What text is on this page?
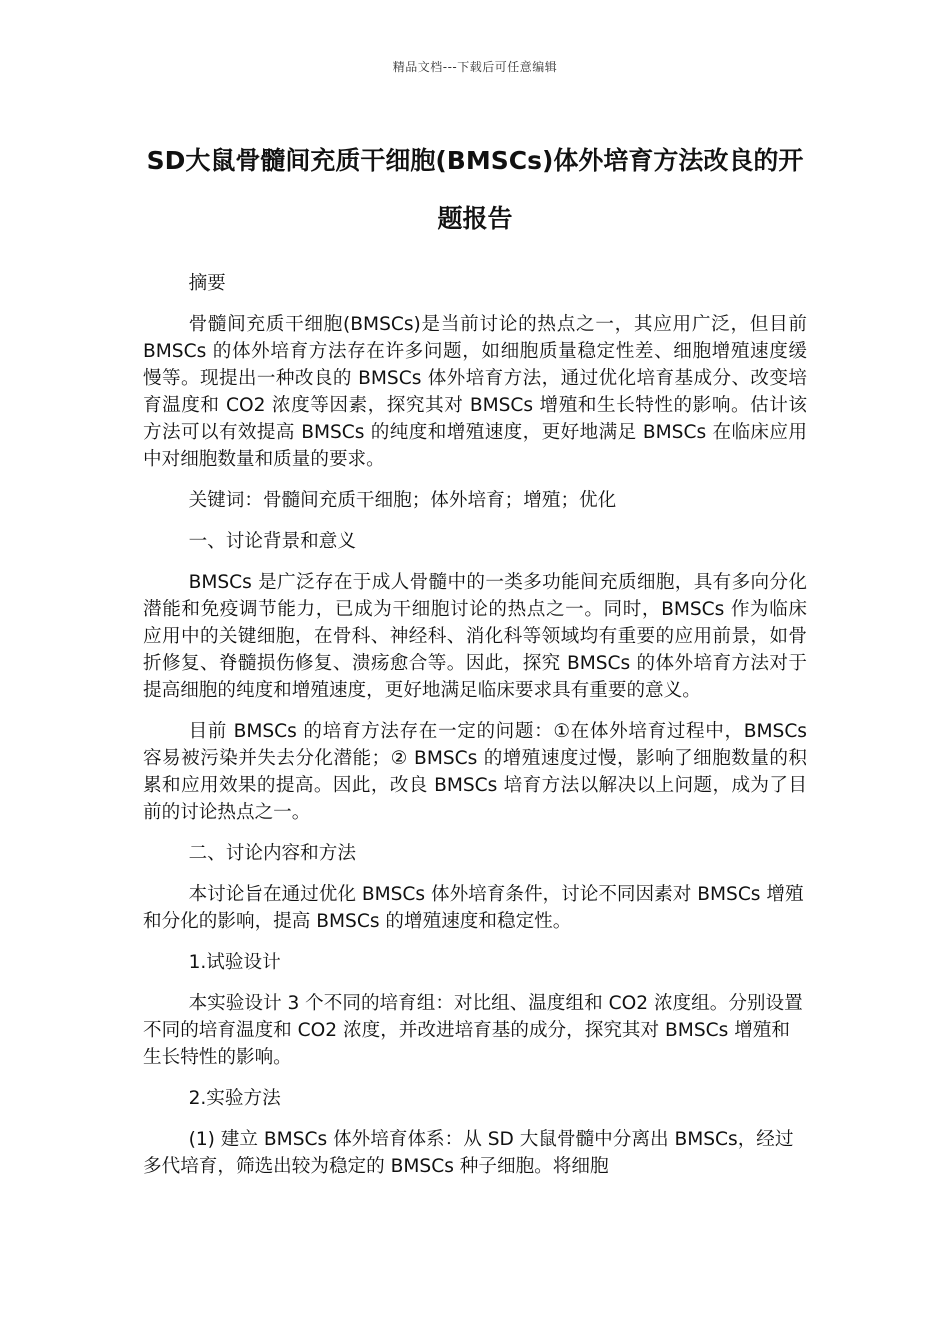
精品文档---下载后可任意编辑
SD大鼠骨髓间充质干细胞(BMSCs)体外培育方法改良的开题报告

摘要

骨髓间充质干细胞(BMSCs)是当前讨论的热点之一，其应用广泛，但目前 BMSCs 的体外培育方法存在许多问题，如细胞质量稳定性差、细胞增殖速度缓慢等。现提出一种改良的 BMSCs 体外培育方法，通过优化培育基成分、改变培育温度和 CO2 浓度等因素，探究其对 BMSCs 增殖和生长特性的影响。估计该方法可以有效提高 BMSCs 的纯度和增殖速度，更好地满足 BMSCs 在临床应用中对细胞数量和质量的要求。

关键词：骨髓间充质干细胞；体外培育；增殖；优化

一、讨论背景和意义

BMSCs 是广泛存在于成人骨髓中的一类多功能间充质细胞，具有多向分化潜能和免疫调节能力，已成为干细胞讨论的热点之一。同时，BMSCs 作为临床应用中的关键细胞，在骨科、神经科、消化科等领域均有重要的应用前景，如骨折修复、脊髓损伤修复、溃疡愈合等。因此，探究 BMSCs 的体外培育方法对于提高细胞的纯度和增殖速度，更好地满足临床要求具有重要的意义。

目前 BMSCs 的培育方法存在一定的问题：①在体外培育过程中，BMSCs 容易被污染并失去分化潜能；② BMSCs 的增殖速度过慢，影响了细胞数量的积累和应用效果的提高。因此，改良 BMSCs 培育方法以解决以上问题，成为了目前的讨论热点之一。

二、讨论内容和方法

本讨论旨在通过优化 BMSCs 体外培育条件，讨论不同因素对 BMSCs 增殖和分化的影响，提高 BMSCs 的增殖速度和稳定性。

1.试验设计

本实验设计 3 个不同的培育组：对比组、温度组和 CO2 浓度组。分别设置不同的培育温度和 CO2 浓度，并改进培育基的成分，探究其对 BMSCs 增殖和生长特性的影响。

2.实验方法

(1) 建立 BMSCs 体外培育体系：从 SD 大鼠骨髓中分离出 BMSCs，经过多代培育，筛选出较为稳定的 BMSCs 种子细胞。将细胞
